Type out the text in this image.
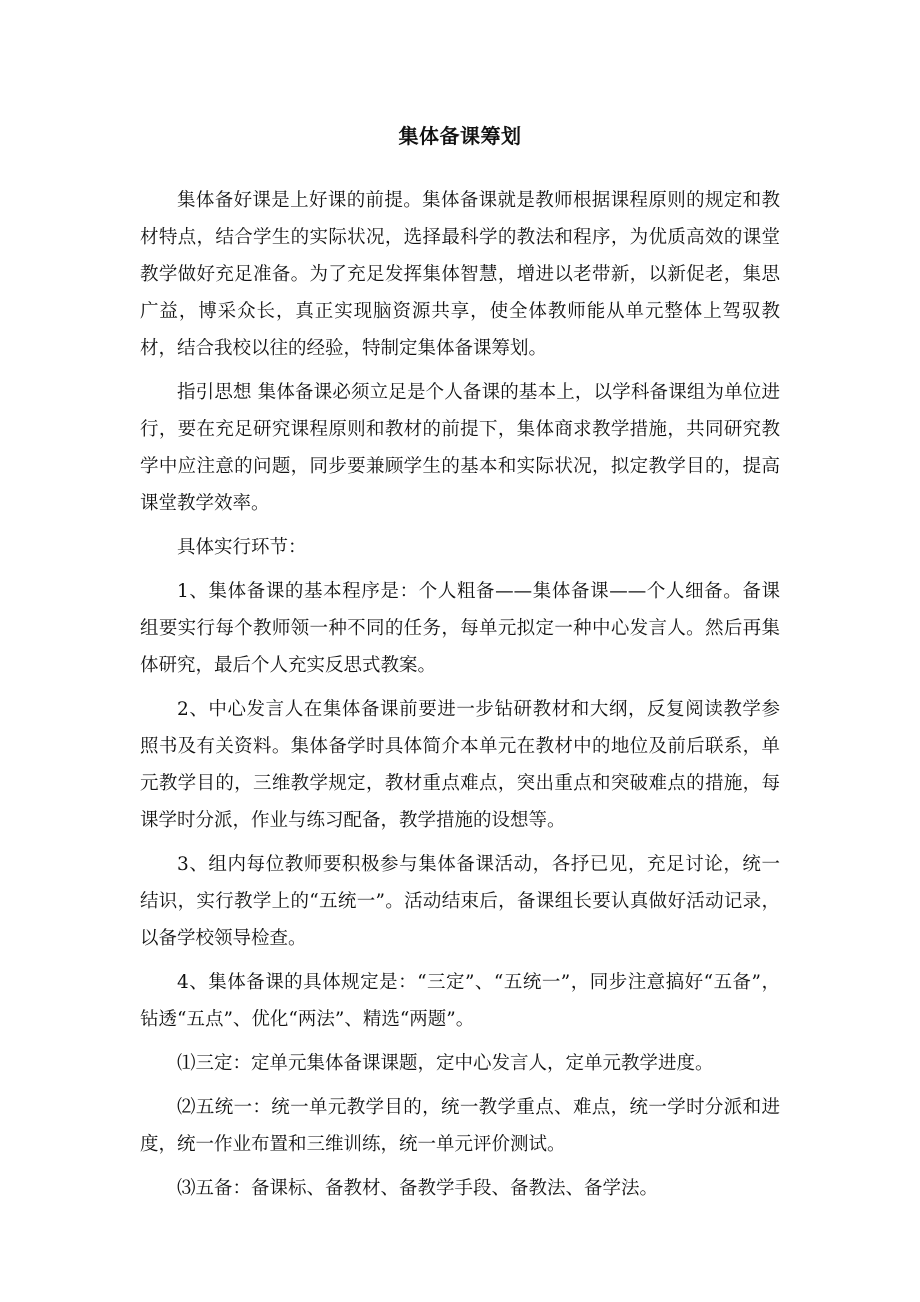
集体备课筹划

集体备好课是上好课的前提。集体备课就是教师根据课程原则的规定和教材特点，结合学生的实际状况，选择最科学的教法和程序，为优质高效的课堂教学做好充足准备。为了充足发挥集体智慧，增进以老带新，以新促老，集思广益，博采众长，真正实现脑资源共享，使全体教师能从单元整体上驾驭教材，结合我校以往的经验，特制定集体备课筹划。

指引思想 集体备课必须立足是个人备课的基本上，以学科备课组为单位进行，要在充足研究课程原则和教材的前提下，集体商求教学措施，共同研究教学中应注意的问题，同步要兼顾学生的基本和实际状况，拟定教学目的，提高课堂教学效率。

具体实行环节：

1、集体备课的基本程序是：个人粗备——集体备课——个人细备。备课组要实行每个教师领一种不同的任务，每单元拟定一种中心发言人。然后再集体研究，最后个人充实反思式教案。

2、中心发言人在集体备课前要进一步钻研教材和大纲，反复阅读教学参照书及有关资料。集体备学时具体简介本单元在教材中的地位及前后联系，单元教学目的，三维教学规定，教材重点难点，突出重点和突破难点的措施，每课学时分派，作业与练习配备，教学措施的设想等。

3、组内每位教师要积极参与集体备课活动，各抒已见，充足讨论，统一结识，实行教学上的“五统一”。活动结束后，备课组长要认真做好活动记录，以备学校领导检查。

4、集体备课的具体规定是：“三定”、“五统一”，同步注意搞好“五备”，钻透“五点”、优化“两法”、精选“两题”。

⑴三定：定单元集体备课课题，定中心发言人，定单元教学进度。

⑵五统一：统一单元教学目的，统一教学重点、难点，统一学时分派和进度，统一作业布置和三维训练，统一单元评价测试。

⑶五备：备课标、备教材、备教学手段、备教法、备学法。
